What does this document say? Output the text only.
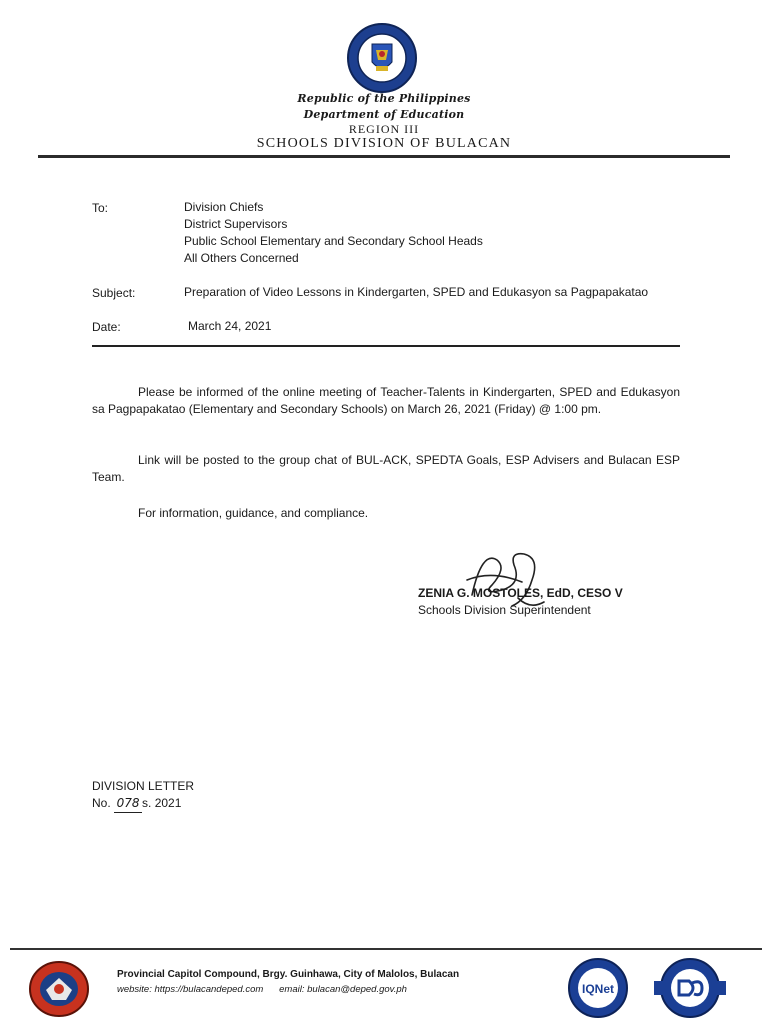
Republic of the Philippines
Department of Education
REGION III
SCHOOLS DIVISION OF BULACAN
To:	Division Chiefs
District Supervisors
Public School Elementary and Secondary School Heads
All Others Concerned
Subject:	Preparation of Video Lessons in Kindergarten, SPED and Edukasyon sa Pagpapakatao
Date:	March 24, 2021
Please be informed of the online meeting of Teacher-Talents in Kindergarten, SPED and Edukasyon sa Pagpapakatao (Elementary and Secondary Schools) on March 26, 2021 (Friday) @ 1:00 pm.
Link will be posted to the group chat of BUL-ACK, SPEDTA Goals, ESP Advisers and Bulacan ESP Team.
For information, guidance, and compliance.
ZENIA G. MOSTOLES, EdD, CESO V
Schools Division Superintendent
DIVISION LETTER
No. 078 s. 2021
Provincial Capitol Compound, Brgy. Guinhawa, City of Malolos, Bulacan
website: https://bulacandeped.com email: bulacan@deped.gov.ph	IQNet
